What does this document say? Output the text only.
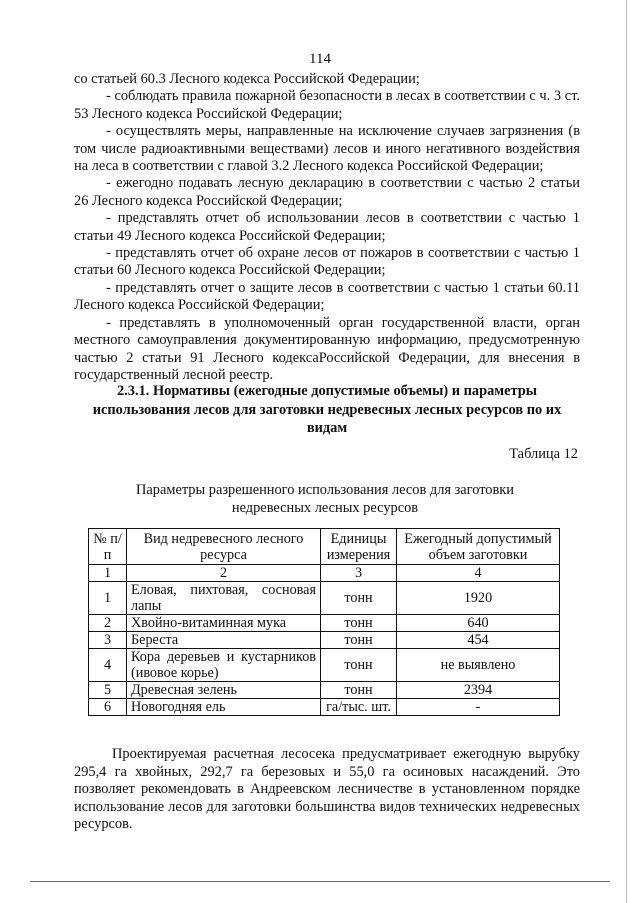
114

со статьей 60.3 Лесного кодекса Российской Федерации;

- соблюдать правила пожарной безопасности в лесах в соответствии с ч. 3 ст. 53 Лесного кодекса Российской Федерации;

- осуществлять меры, направленные на исключение случаев загрязнения (в том числе радиоактивными веществами) лесов и иного негативного воздействия на леса в соответствии с главой 3.2 Лесного кодекса Российской Федерации;

- ежегодно подавать лесную декларацию в соответствии с частью 2 статьи 26 Лесного кодекса Российской Федерации;

- представлять отчет об использовании лесов в соответствии с частью 1 статьи 49 Лесного кодекса Российской Федерации;

- представлять отчет об охране лесов от пожаров в соответствии с частью 1 статьи 60 Лесного кодекса Российской Федерации;

- представлять отчет о защите лесов в соответствии с частью 1 статьи 60.11 Лесного кодекса Российской Федерации;

- представлять в уполномоченный орган государственной власти, орган местного самоуправления документированную информацию, предусмотренную частью 2 статьи 91 Лесного кодексаРоссийской Федерации, для внесения в государственный лесной реестр.

2.3.1. Нормативы (ежегодные допустимые объемы) и параметры использования лесов для заготовки недревесных лесных ресурсов по их видам
Таблица 12
Параметры разрешенного использования лесов для заготовки недревесных лесных ресурсов
№ п/п	Вид недревесного лесного ресурса	Единицы измерения	Ежегодный допустимый объем заготовки
1	2	3	4
1	Еловая, пихтовая, сосновая лапы	тонн	1920
2	Хвойно-витаминная мука	тонн	640
3	Береста	тонн	454
4	Кора деревьев и кустарников (ивовое корье)	тонн	не выявлено
5	Древесная зелень	тонн	2394
6	Новогодняя ель	га/тыс. шт.	-

Проектируемая расчетная лесосека предусматривает ежегодную вырубку 295,4 га хвойных, 292,7 га березовых и 55,0 га осиновых насаждений. Это позволяет рекомендовать в Андреевском лесничестве в установленном порядке использование лесов для заготовки большинства видов технических недревесных ресурсов.
